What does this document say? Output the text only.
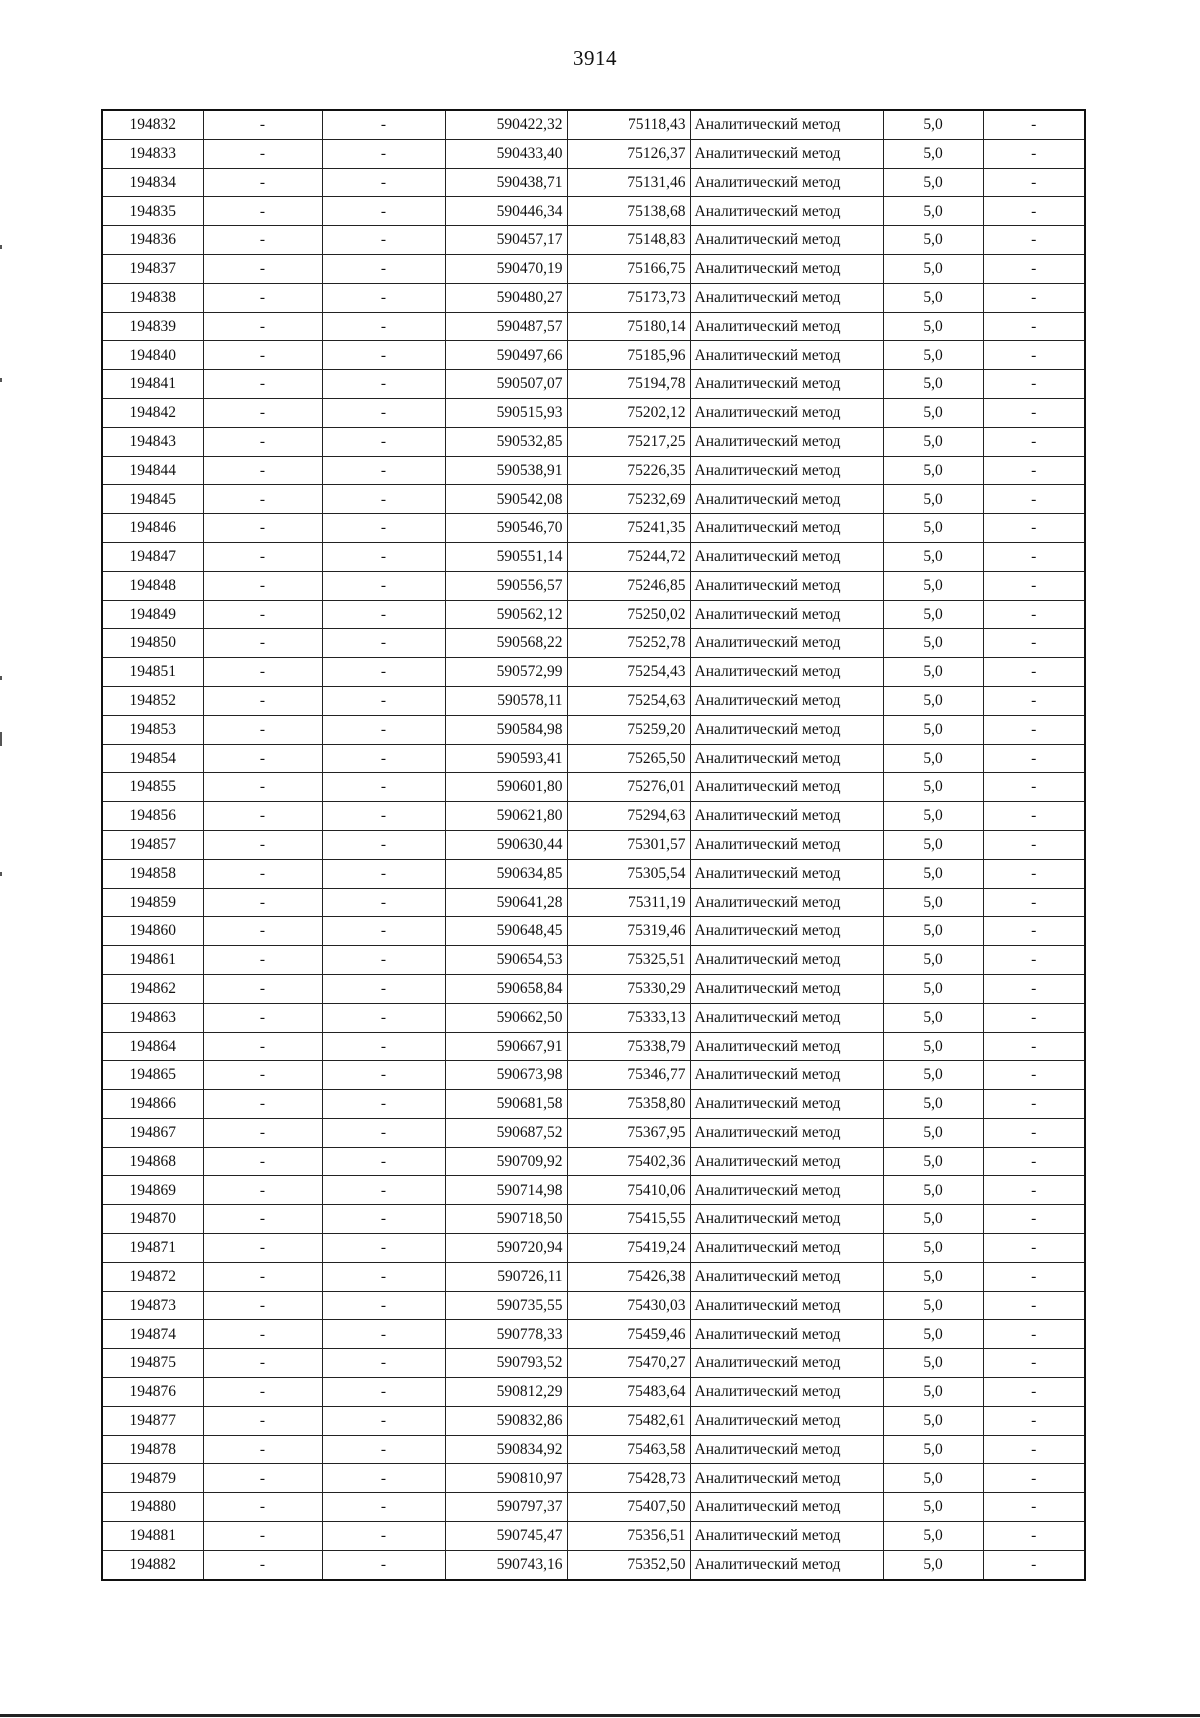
3914
194832	-	-	590422,32	75118,43	Аналитический метод	5,0	-
194833	-	-	590433,40	75126,37	Аналитический метод	5,0	-
194834	-	-	590438,71	75131,46	Аналитический метод	5,0	-
194835	-	-	590446,34	75138,68	Аналитический метод	5,0	-
194836	-	-	590457,17	75148,83	Аналитический метод	5,0	-
194837	-	-	590470,19	75166,75	Аналитический метод	5,0	-
194838	-	-	590480,27	75173,73	Аналитический метод	5,0	-
194839	-	-	590487,57	75180,14	Аналитический метод	5,0	-
194840	-	-	590497,66	75185,96	Аналитический метод	5,0	-
194841	-	-	590507,07	75194,78	Аналитический метод	5,0	-
194842	-	-	590515,93	75202,12	Аналитический метод	5,0	-
194843	-	-	590532,85	75217,25	Аналитический метод	5,0	-
194844	-	-	590538,91	75226,35	Аналитический метод	5,0	-
194845	-	-	590542,08	75232,69	Аналитический метод	5,0	-
194846	-	-	590546,70	75241,35	Аналитический метод	5,0	-
194847	-	-	590551,14	75244,72	Аналитический метод	5,0	-
194848	-	-	590556,57	75246,85	Аналитический метод	5,0	-
194849	-	-	590562,12	75250,02	Аналитический метод	5,0	-
194850	-	-	590568,22	75252,78	Аналитический метод	5,0	-
194851	-	-	590572,99	75254,43	Аналитический метод	5,0	-
194852	-	-	590578,11	75254,63	Аналитический метод	5,0	-
194853	-	-	590584,98	75259,20	Аналитический метод	5,0	-
194854	-	-	590593,41	75265,50	Аналитический метод	5,0	-
194855	-	-	590601,80	75276,01	Аналитический метод	5,0	-
194856	-	-	590621,80	75294,63	Аналитический метод	5,0	-
194857	-	-	590630,44	75301,57	Аналитический метод	5,0	-
194858	-	-	590634,85	75305,54	Аналитический метод	5,0	-
194859	-	-	590641,28	75311,19	Аналитический метод	5,0	-
194860	-	-	590648,45	75319,46	Аналитический метод	5,0	-
194861	-	-	590654,53	75325,51	Аналитический метод	5,0	-
194862	-	-	590658,84	75330,29	Аналитический метод	5,0	-
194863	-	-	590662,50	75333,13	Аналитический метод	5,0	-
194864	-	-	590667,91	75338,79	Аналитический метод	5,0	-
194865	-	-	590673,98	75346,77	Аналитический метод	5,0	-
194866	-	-	590681,58	75358,80	Аналитический метод	5,0	-
194867	-	-	590687,52	75367,95	Аналитический метод	5,0	-
194868	-	-	590709,92	75402,36	Аналитический метод	5,0	-
194869	-	-	590714,98	75410,06	Аналитический метод	5,0	-
194870	-	-	590718,50	75415,55	Аналитический метод	5,0	-
194871	-	-	590720,94	75419,24	Аналитический метод	5,0	-
194872	-	-	590726,11	75426,38	Аналитический метод	5,0	-
194873	-	-	590735,55	75430,03	Аналитический метод	5,0	-
194874	-	-	590778,33	75459,46	Аналитический метод	5,0	-
194875	-	-	590793,52	75470,27	Аналитический метод	5,0	-
194876	-	-	590812,29	75483,64	Аналитический метод	5,0	-
194877	-	-	590832,86	75482,61	Аналитический метод	5,0	-
194878	-	-	590834,92	75463,58	Аналитический метод	5,0	-
194879	-	-	590810,97	75428,73	Аналитический метод	5,0	-
194880	-	-	590797,37	75407,50	Аналитический метод	5,0	-
194881	-	-	590745,47	75356,51	Аналитический метод	5,0	-
194882	-	-	590743,16	75352,50	Аналитический метод	5,0	-
